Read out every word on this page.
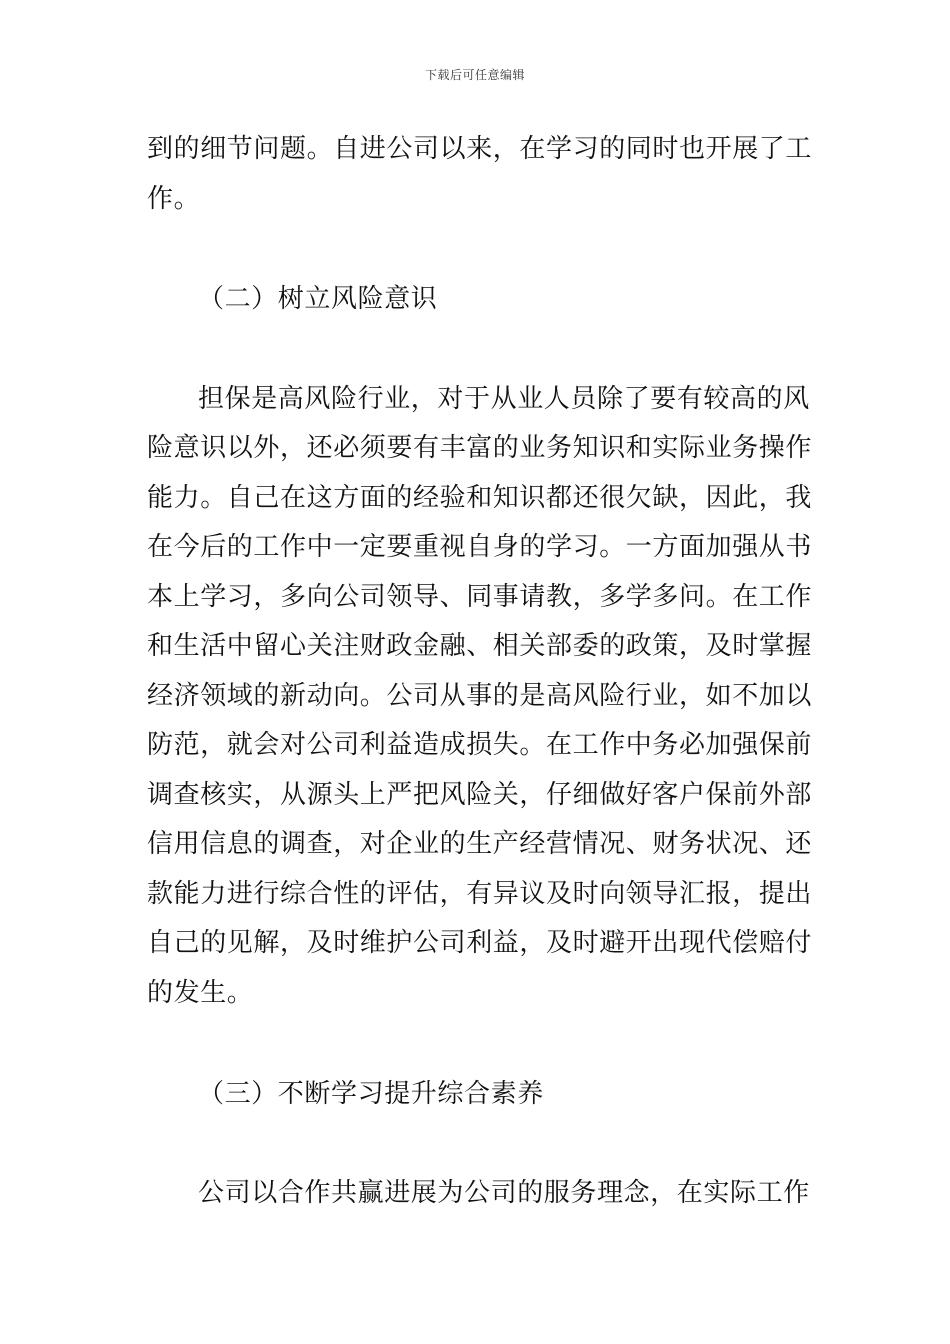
下载后可任意编辑
到的细节问题。自进公司以来，在学习的同时也开展了工
作。
（二）树立风险意识
担保是高风险行业，对于从业人员除了要有较高的风
险意识以外，还必须要有丰富的业务知识和实际业务操作
能力。自己在这方面的经验和知识都还很欠缺，因此，我
在今后的工作中一定要重视自身的学习。一方面加强从书
本上学习，多向公司领导、同事请教，多学多问。在工作
和生活中留心关注财政金融、相关部委的政策，及时掌握
经济领域的新动向。公司从事的是高风险行业，如不加以
防范，就会对公司利益造成损失。在工作中务必加强保前
调查核实，从源头上严把风险关，仔细做好客户保前外部
信用信息的调查，对企业的生产经营情况、财务状况、还
款能力进行综合性的评估，有异议及时向领导汇报，提出
自己的见解，及时维护公司利益，及时避开出现代偿赔付
的发生。
（三）不断学习提升综合素养
公司以合作共赢进展为公司的服务理念，在实际工作
